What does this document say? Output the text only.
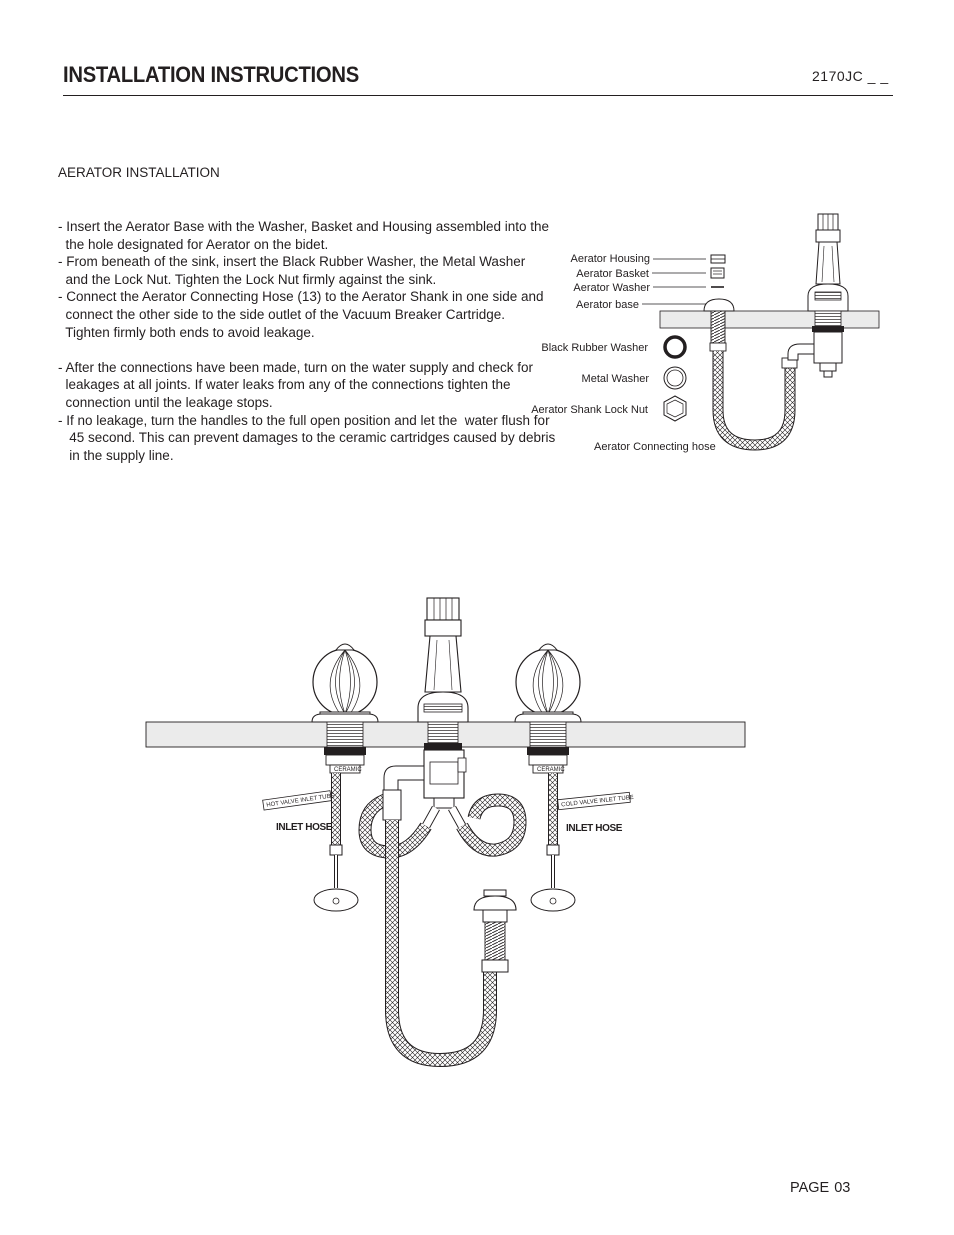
INSTALLATION INSTRUCTIONS	2170JC _ _
AERATOR INSTALLATION
- Insert the Aerator Base with the Washer, Basket and Housing assembled into the
the hole designated for Aerator on the bidet.
- From beneath of the sink, insert the Black Rubber Washer, the Metal Washer
and the Lock Nut. Tighten the Lock Nut firmly against the sink.
- Connect the Aerator Connecting Hose (13) to the Aerator Shank in one side and
connect the other side to the side outlet of the Vacuum Breaker Cartridge.
Tighten firmly both ends to avoid leakage.
- After the connections have been made, turn on the water supply and check for
leakages at all joints. If water leaks from any of the connections tighten the
connection until the leakage stops.
- If no leakage, turn the handles to the full open position and let the  water flush for
45 second. This can prevent damages to the ceramic cartridges caused by debris
in the supply line.
Aerator Housing
Aerator Basket
Aerator Washer
Aerator base
Black Rubber Washer
Metal Washer
Aerator Shank Lock Nut
Aerator Connecting hose
CERAMIC	CERAMIC
HOT VALVE INLET TUBE	COLD VALVE INLET TUBE
INLET HOSE	INLET HOSE
PAGE 03
